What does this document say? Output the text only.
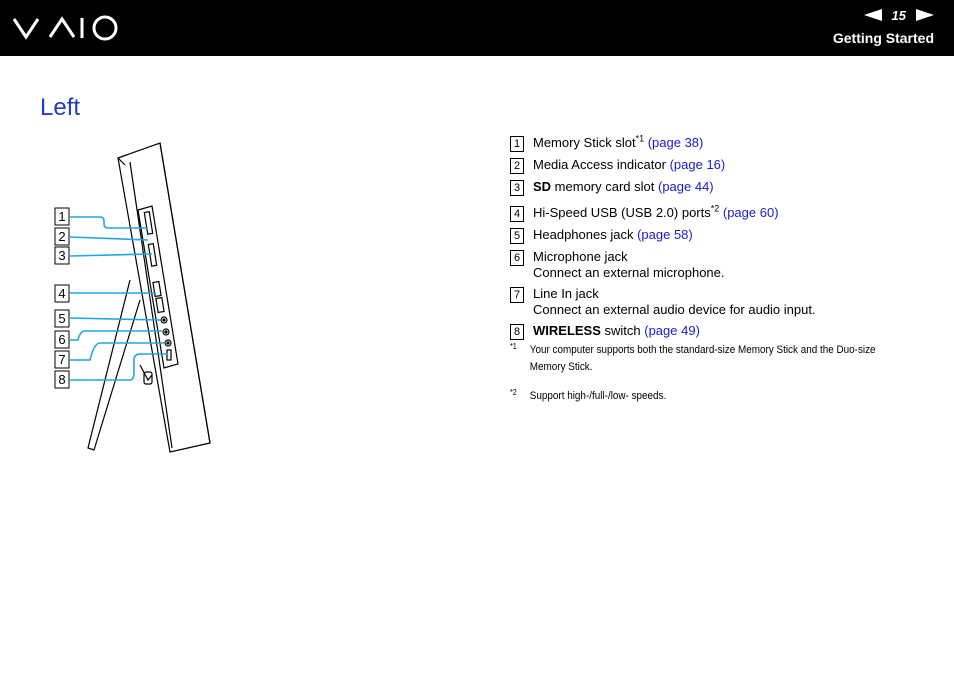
15
Getting Started
Left
1
2
3
4
5
6
7
8
1 Memory Stick slot$^{*1}$ (page 38)
2 Media Access indicator (page 16)
3 SD memory card slot (page 44)
4 Hi-Speed USB (USB 2.0) ports$^{*2}$ (page 60)
5 Headphones jack (page 58)
6 Microphone jack
Connect an external microphone.
7 Line In jack
Connect an external audio device for audio input.
8 WIRELESS switch (page 49)
*1	Your computer supports both the standard-size Memory Stick and the Duo-size Memory Stick.
*2	Support high-/full-/low- speeds.
